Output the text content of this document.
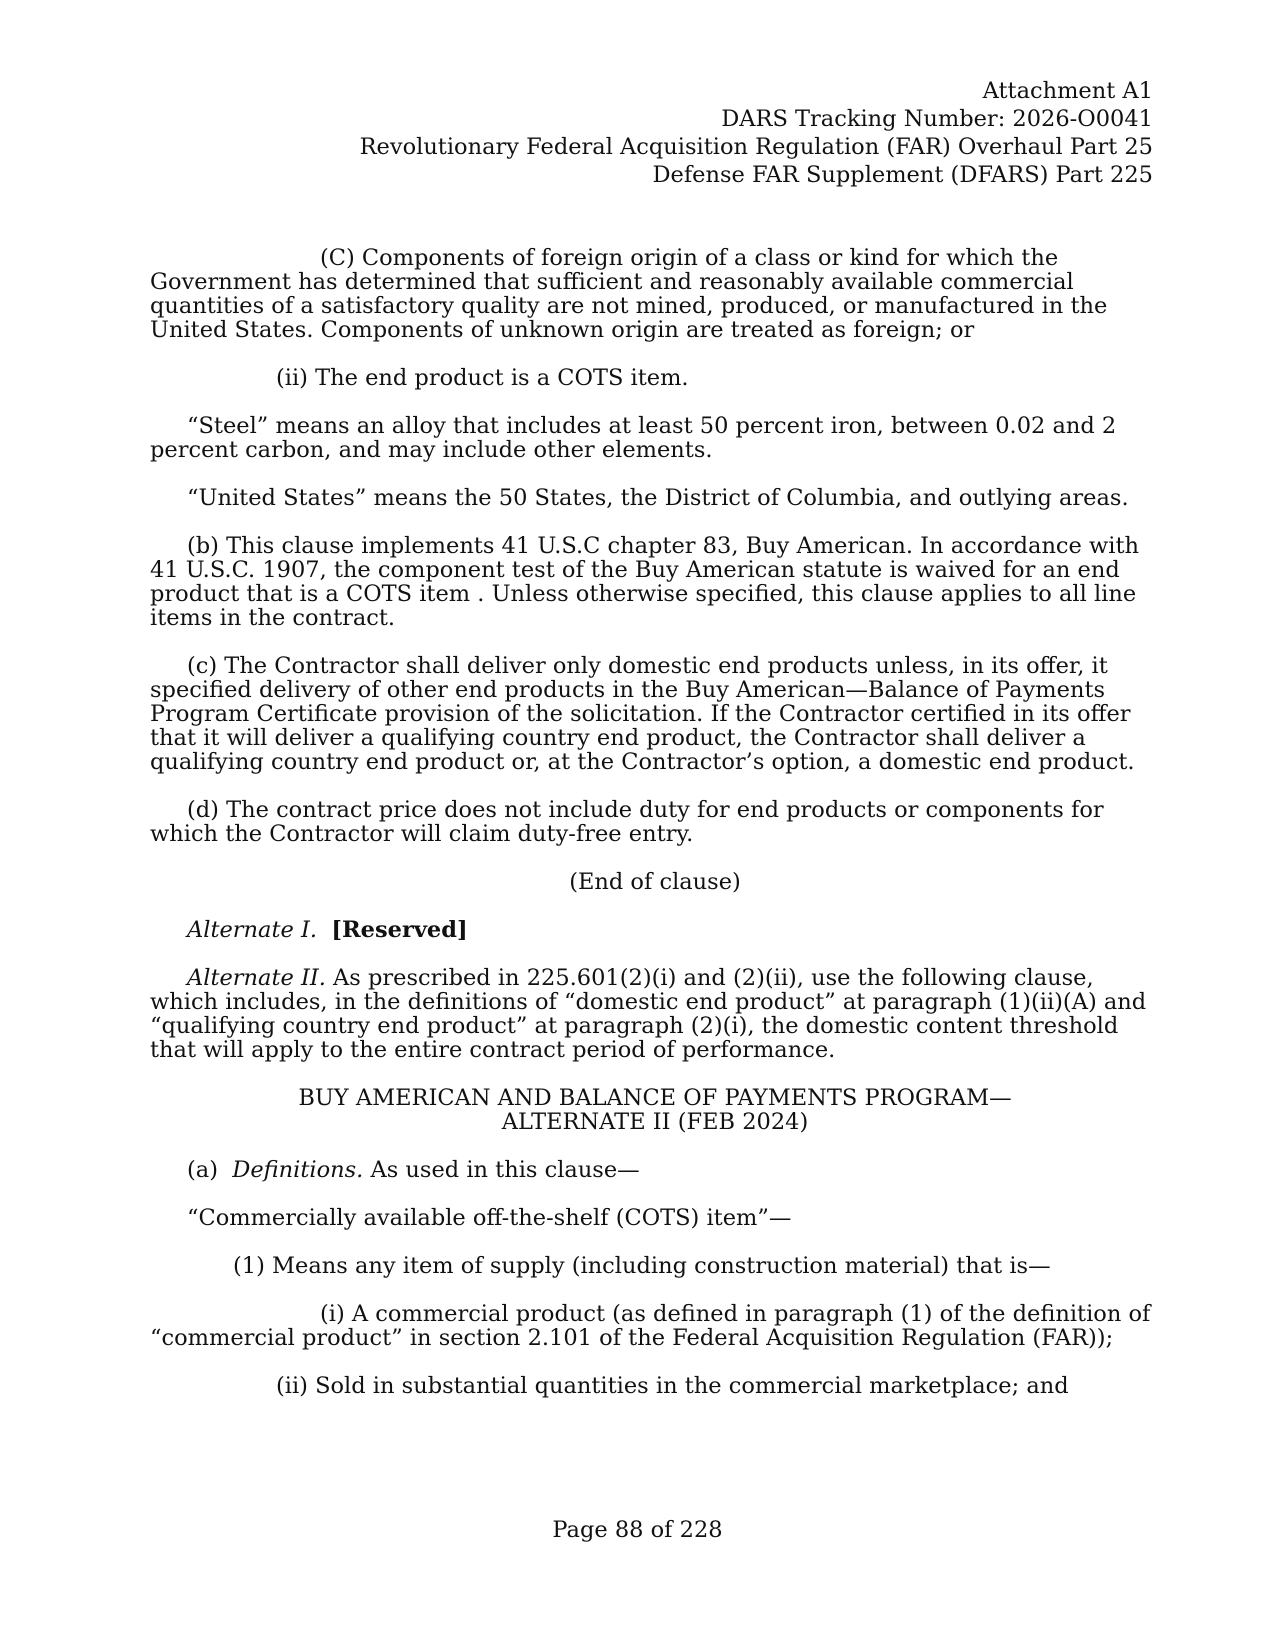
Attachment A1
DARS Tracking Number: 2026-O0041
Revolutionary Federal Acquisition Regulation (FAR) Overhaul Part 25
Defense FAR Supplement (DFARS) Part 225

(C) Components of foreign origin of a class or kind for which the Government has determined that sufficient and reasonably available commercial quantities of a satisfactory quality are not mined, produced, or manufactured in the United States. Components of unknown origin are treated as foreign; or

(ii) The end product is a COTS item.

“Steel” means an alloy that includes at least 50 percent iron, between 0.02 and 2 percent carbon, and may include other elements.

“United States” means the 50 States, the District of Columbia, and outlying areas.

(b) This clause implements 41 U.S.C chapter 83, Buy American. In accordance with 41 U.S.C. 1907, the component test of the Buy American statute is waived for an end product that is a COTS item . Unless otherwise specified, this clause applies to all line items in the contract.

(c) The Contractor shall deliver only domestic end products unless, in its offer, it specified delivery of other end products in the Buy American—Balance of Payments Program Certificate provision of the solicitation. If the Contractor certified in its offer that it will deliver a qualifying country end product, the Contractor shall deliver a qualifying country end product or, at the Contractor’s option, a domestic end product.

(d) The contract price does not include duty for end products or components for which the Contractor will claim duty-free entry.

(End of clause)

Alternate I. [Reserved]

Alternate II. As prescribed in 225.601(2)(i) and (2)(ii), use the following clause, which includes, in the definitions of “domestic end product” at paragraph (1)(ii)(A) and “qualifying country end product” at paragraph (2)(i), the domestic content threshold that will apply to the entire contract period of performance.

BUY AMERICAN AND BALANCE OF PAYMENTS PROGRAM—
ALTERNATE II (FEB 2024)

(a) Definitions. As used in this clause—

“Commercially available off-the-shelf (COTS) item”—

(1) Means any item of supply (including construction material) that is—

(i) A commercial product (as defined in paragraph (1) of the definition of “commercial product” in section 2.101 of the Federal Acquisition Regulation (FAR));

(ii) Sold in substantial quantities in the commercial marketplace; and

Page 88 of 228
